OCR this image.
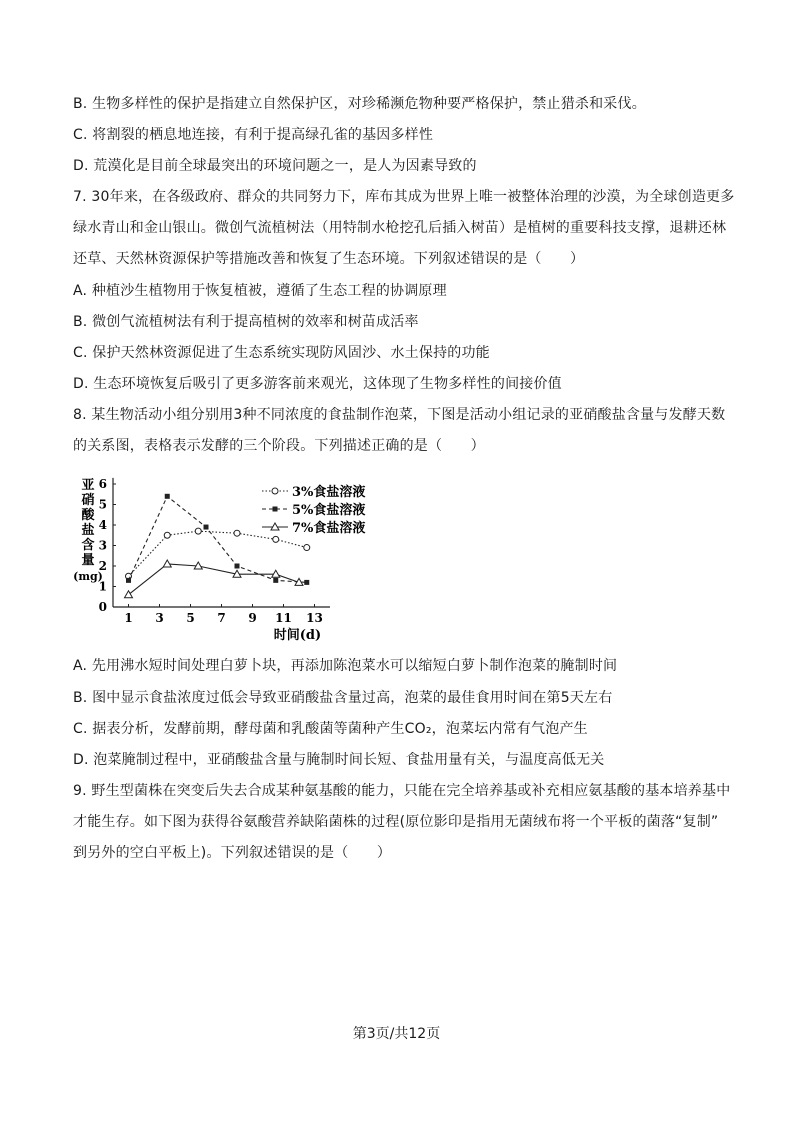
B. 生物多样性的保护是指建立自然保护区，对珍稀濒危物种要严格保护，禁止猎杀和采伐。
C. 将割裂的栖息地连接，有利于提高绿孔雀的基因多样性
D. 荒漠化是目前全球最突出的环境问题之一，是人为因素导致的
7. 30年来，在各级政府、群众的共同努力下，库布其成为世界上唯一被整体治理的沙漠，为全球创造更多
绿水青山和金山银山。微创气流植树法（用特制水枪挖孔后插入树苗）是植树的重要科技支撑，退耕还林
还草、天然林资源保护等措施改善和恢复了生态环境。下列叙述错误的是（　　）
A. 种植沙生植物用于恢复植被，遵循了生态工程的协调原理
B. 微创气流植树法有利于提高植树的效率和树苗成活率
C. 保护天然林资源促进了生态系统实现防风固沙、水土保持的功能
D. 生态环境恢复后吸引了更多游客前来观光，这体现了生物多样性的间接价值
8. 某生物活动小组分别用3种不同浓度的食盐制作泡菜，下图是活动小组记录的亚硝酸盐含量与发酵天数
的关系图，表格表示发酵的三个阶段。下列描述正确的是（　　）
0
1
2
3
4
5
6
1 3 5 7 9 11 13
亚
硝
酸
盐
含
量
(mg)
时间(d)
3%食盐溶液
5%食盐溶液
7%食盐溶液
A. 先用沸水短时间处理白萝卜块，再添加陈泡菜水可以缩短白萝卜制作泡菜的腌制时间
B. 图中显示食盐浓度过低会导致亚硝酸盐含量过高，泡菜的最佳食用时间在第5天左右
C. 据表分析，发酵前期，酵母菌和乳酸菌等菌种产生CO₂，泡菜坛内常有气泡产生
D. 泡菜腌制过程中，亚硝酸盐含量与腌制时间长短、食盐用量有关，与温度高低无关
9. 野生型菌株在突变后失去合成某种氨基酸的能力，只能在完全培养基或补充相应氨基酸的基本培养基中
才能生存。如下图为获得谷氨酸营养缺陷菌株的过程(原位影印是指用无菌绒布将一个平板的菌落“复制”
到另外的空白平板上)。下列叙述错误的是（　　）
第3页/共12页
